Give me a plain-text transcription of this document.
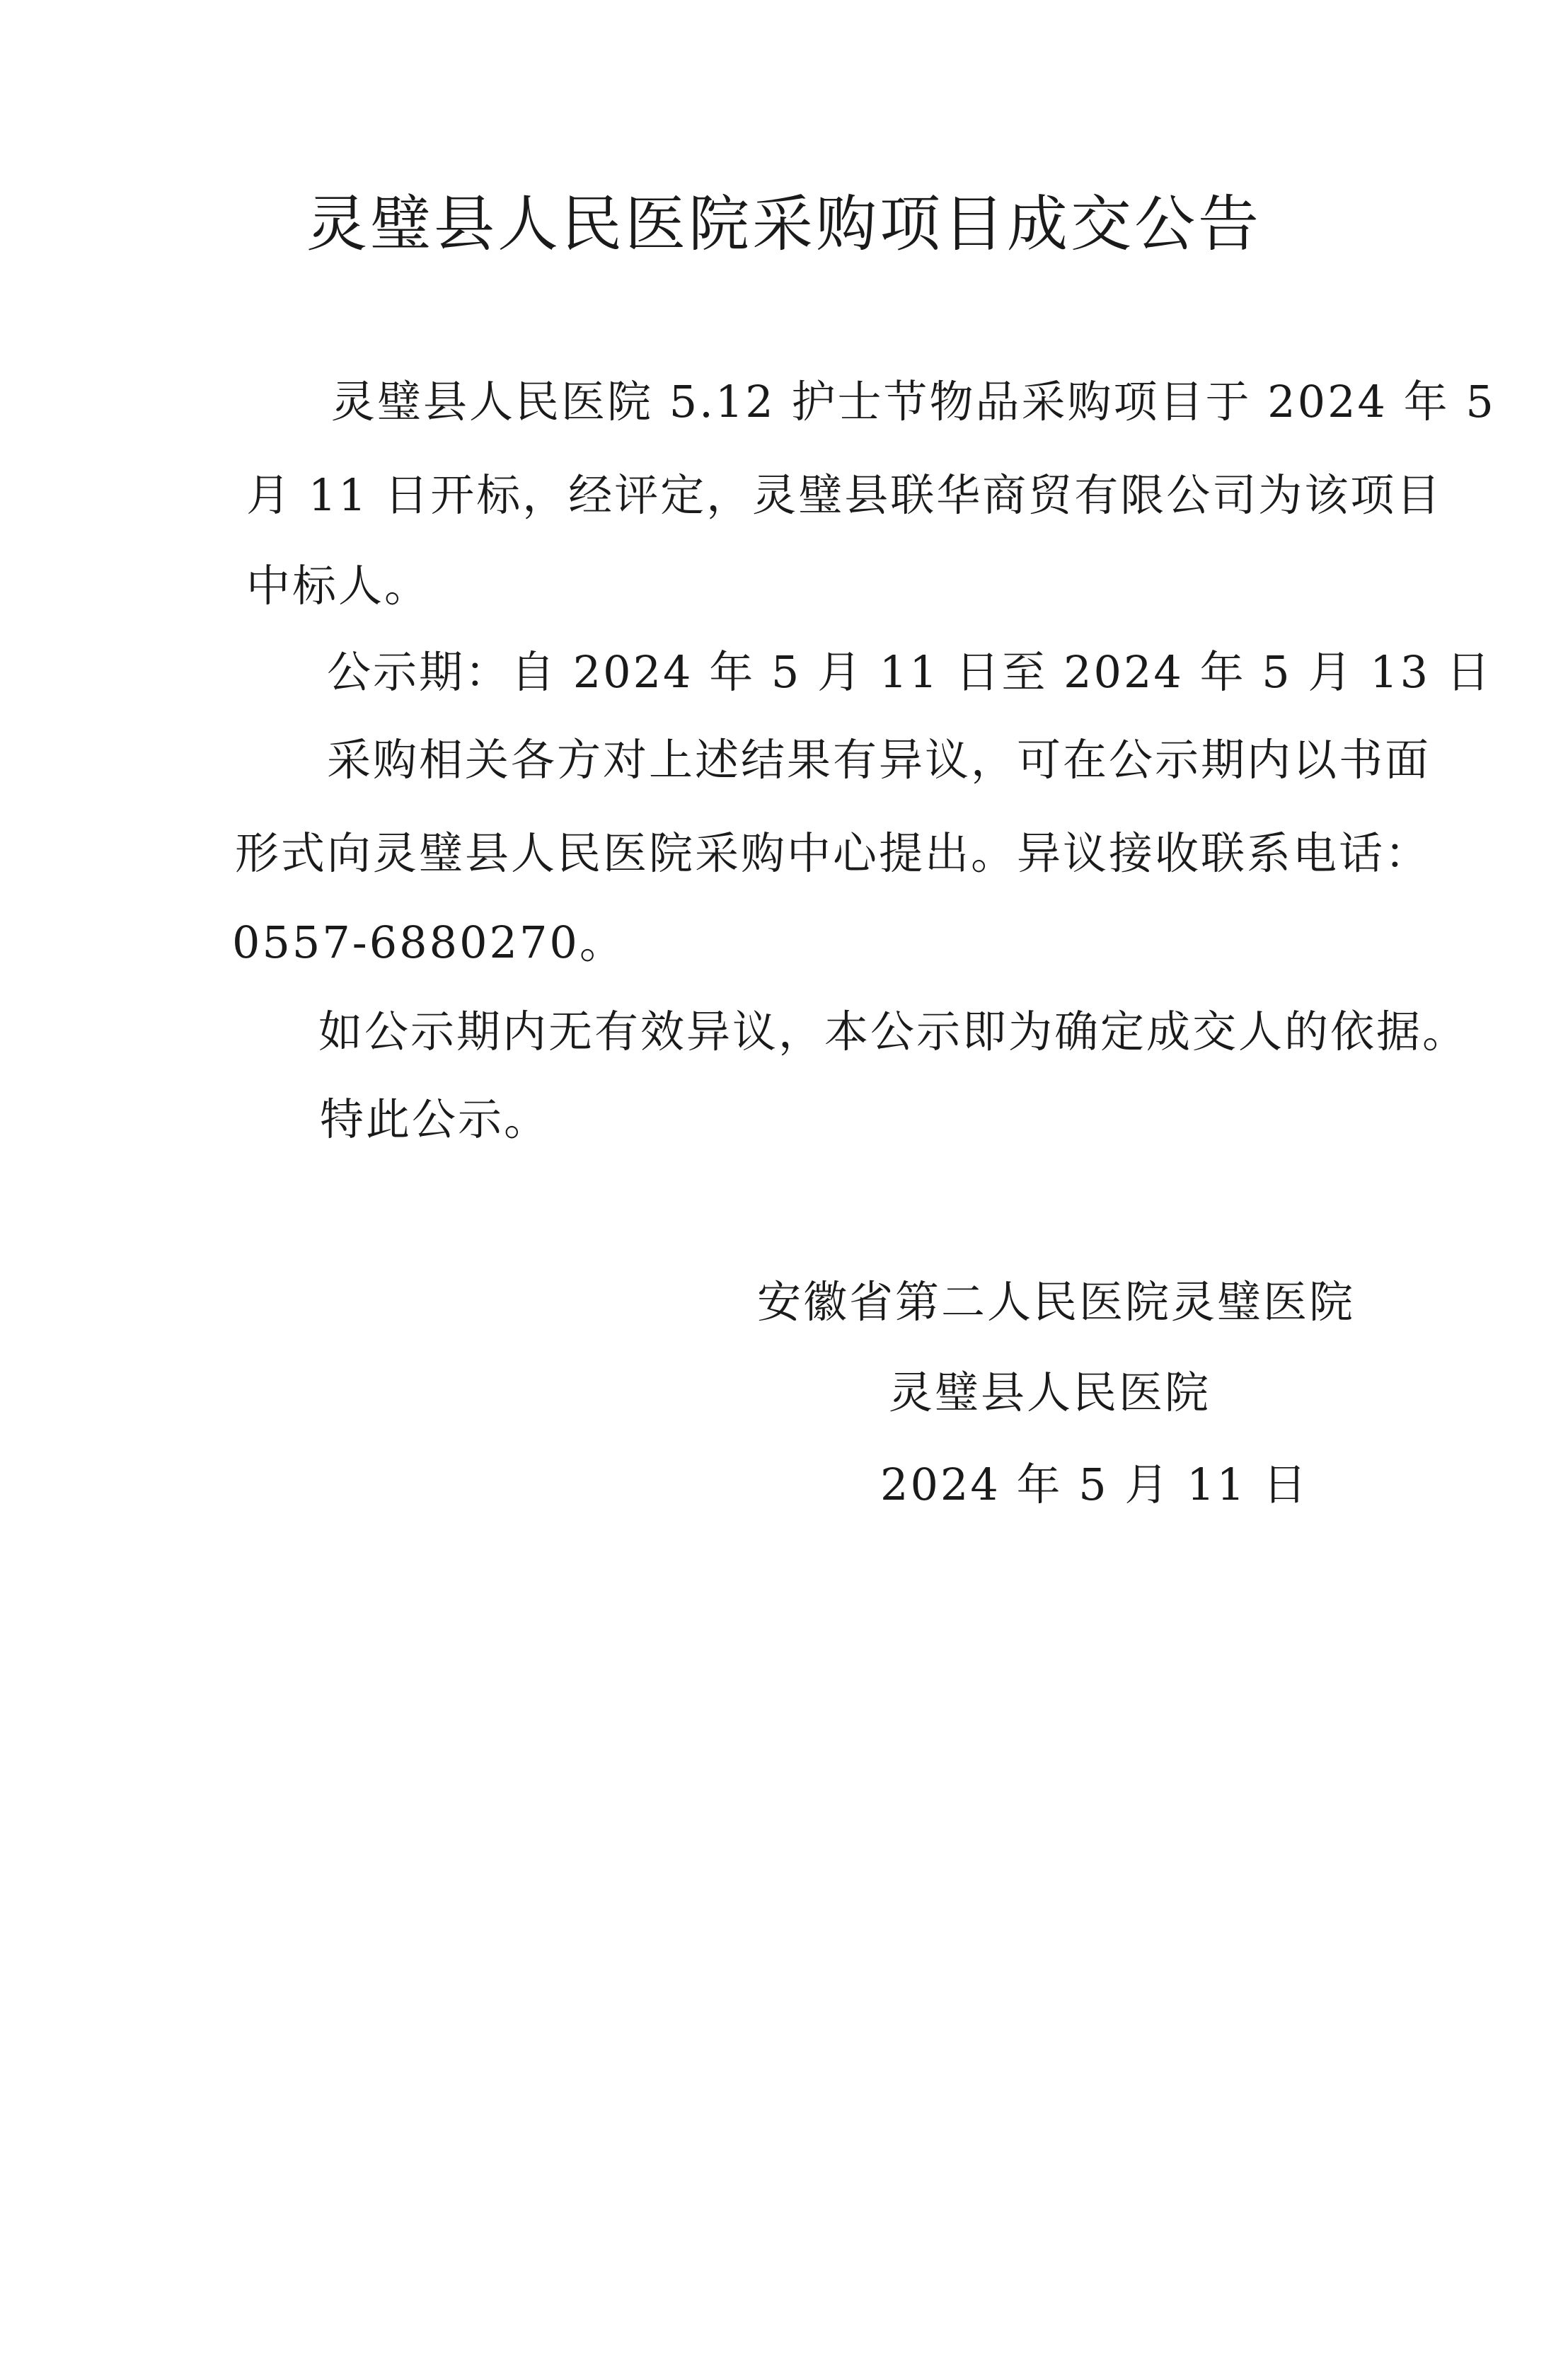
灵璧县人民医院采购项目成交公告
灵璧县人民医院 5.12 护士节物品采购项目于 2024 年 5
月 11 日开标，经评定，灵璧县联华商贸有限公司为该项目
中标人。
公示期：自 2024 年 5 月 11 日至 2024 年 5 月 13 日
采购相关各方对上述结果有异议，可在公示期内以书面
形式向灵璧县人民医院采购中心提出。异议接收联系电话：
0557-6880270。
如公示期内无有效异议，本公示即为确定成交人的依据。
特此公示。
安徽省第二人民医院灵璧医院
灵璧县人民医院
2024 年 5 月 11 日
